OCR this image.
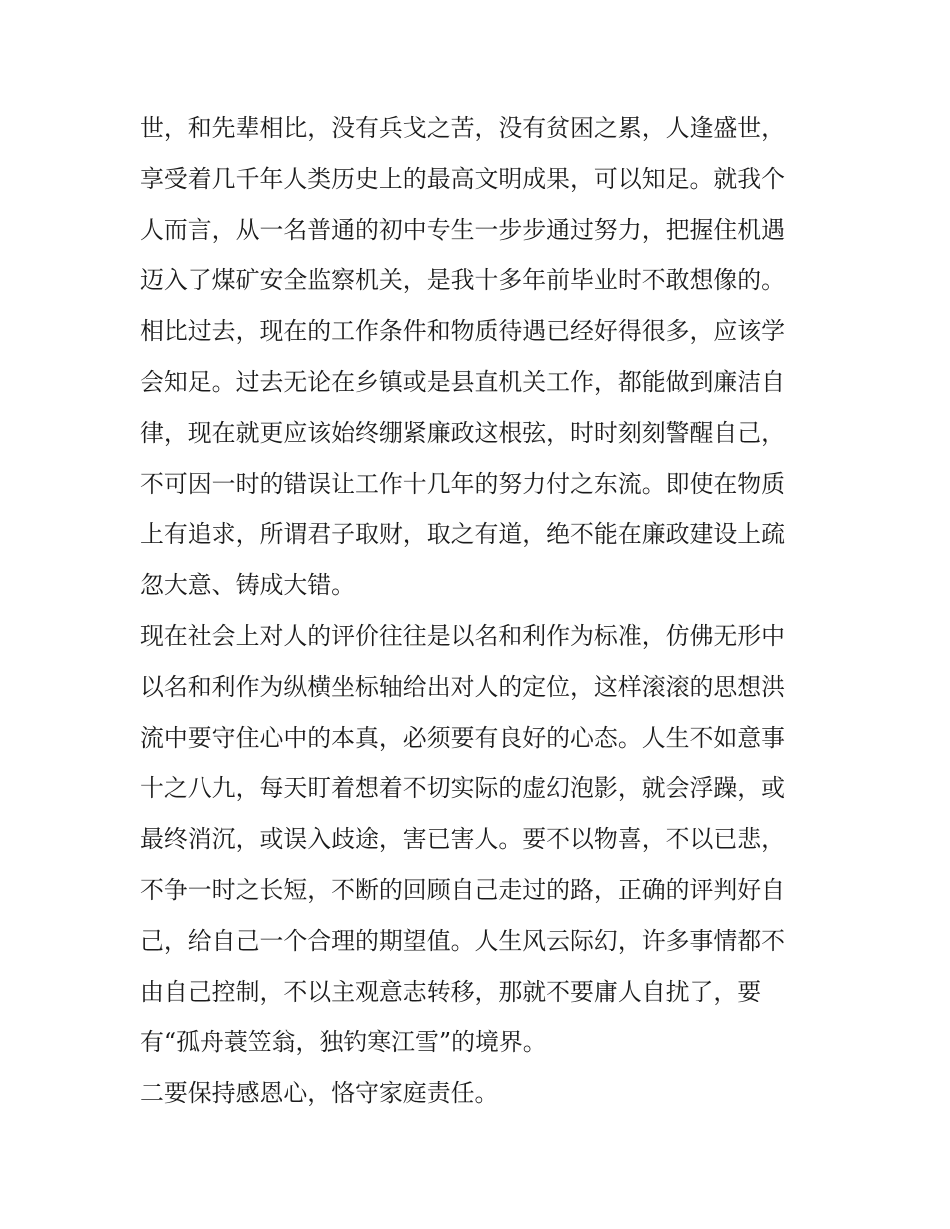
世，和先辈相比，没有兵戈之苦，没有贫困之累，人逢盛世，
享受着几千年人类历史上的最高文明成果，可以知足。就我个
人而言，从一名普通的初中专生一步步通过努力，把握住机遇
迈入了煤矿安全监察机关，是我十多年前毕业时不敢想像的。
相比过去，现在的工作条件和物质待遇已经好得很多，应该学
会知足。过去无论在乡镇或是县直机关工作，都能做到廉洁自
律，现在就更应该始终绷紧廉政这根弦，时时刻刻警醒自己，
不可因一时的错误让工作十几年的努力付之东流。即使在物质
上有追求，所谓君子取财，取之有道，绝不能在廉政建设上疏
忽大意、铸成大错。
现在社会上对人的评价往往是以名和利作为标准，仿佛无形中
以名和利作为纵横坐标轴给出对人的定位，这样滚滚的思想洪
流中要守住心中的本真，必须要有良好的心态。人生不如意事
十之八九，每天盯着想着不切实际的虚幻泡影，就会浮躁，或
最终消沉，或误入歧途，害已害人。要不以物喜，不以已悲，
不争一时之长短，不断的回顾自己走过的路，正确的评判好自
己，给自己一个合理的期望值。人生风云际幻，许多事情都不
由自己控制，不以主观意志转移，那就不要庸人自扰了，要
有“孤舟蓑笠翁，独钓寒江雪”的境界。
二要保持感恩心，恪守家庭责任。
